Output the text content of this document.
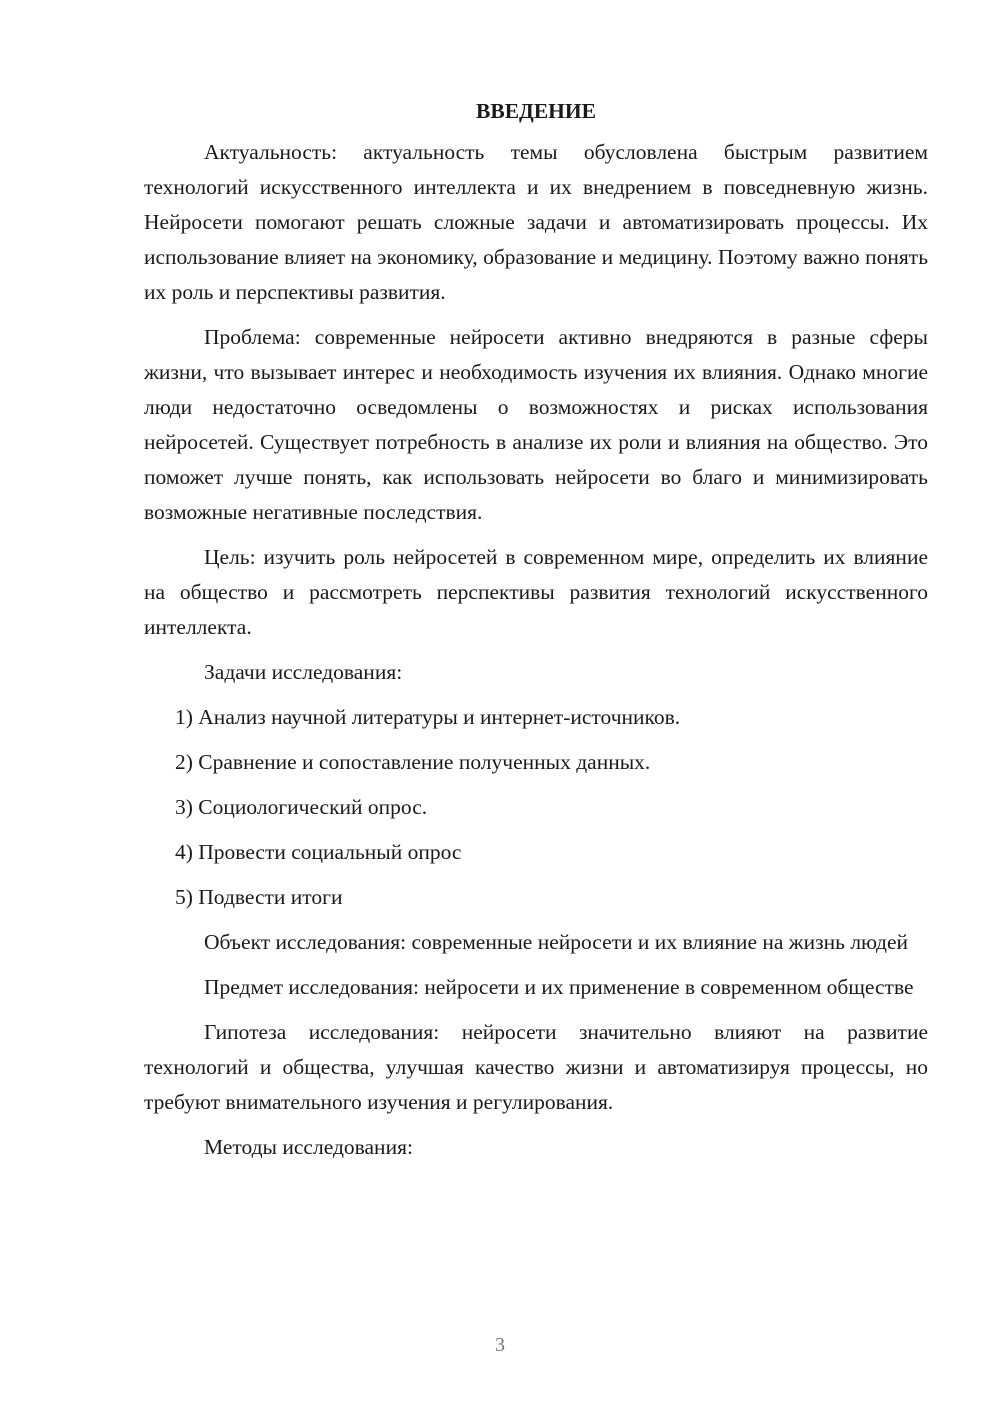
ВВЕДЕНИЕ

Актуальность: актуальность темы обусловлена быстрым развитием технологий искусственного интеллекта и их внедрением в повседневную жизнь. Нейросети помогают решать сложные задачи и автоматизировать процессы. Их использование влияет на экономику, образование и медицину. Поэтому важно понять их роль и перспективы развития.

Проблема: современные нейросети активно внедряются в разные сферы жизни, что вызывает интерес и необходимость изучения их влияния. Однако многие люди недостаточно осведомлены о возможностях и рисках использования нейросетей. Существует потребность в анализе их роли и влияния на общество. Это поможет лучше понять, как использовать нейросети во благо и минимизировать возможные негативные последствия.

Цель: изучить роль нейросетей в современном мире, определить их влияние на общество и рассмотреть перспективы развития технологий искусственного интеллекта.

Задачи исследования:
1) Анализ научной литературы и интернет-источников.
2) Сравнение и сопоставление полученных данных.
3) Социологический опрос.
4) Провести социальный опрос
5) Подвести итоги

Объект исследования: современные нейросети и их влияние на жизнь людей

Предмет исследования: нейросети и их применение в современном обществе

Гипотеза исследования: нейросети значительно влияют на развитие технологий и общества, улучшая качество жизни и автоматизируя процессы, но требуют внимательного изучения и регулирования.

Методы исследования:

3
